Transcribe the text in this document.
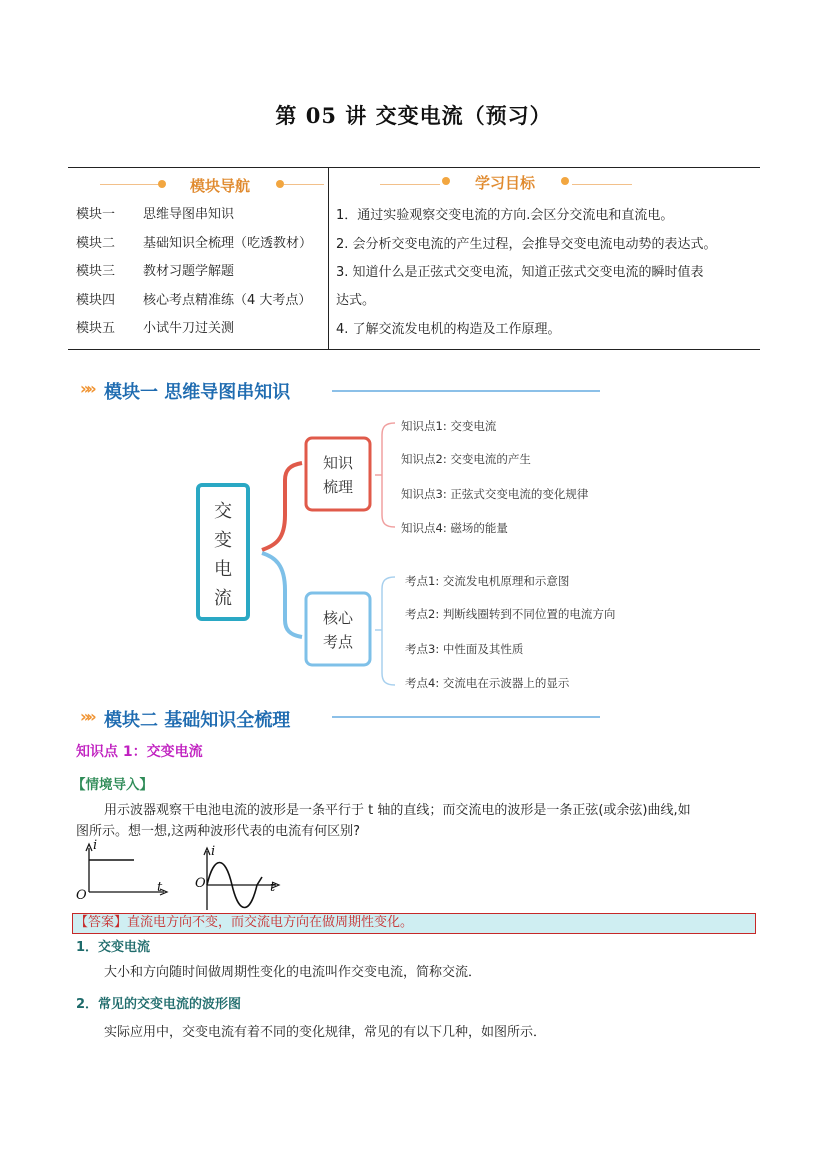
第 05 讲 交变电流（预习）
模块导航
模块一 思维导图串知识
模块二 基础知识全梳理（吃透教材）
模块三 教材习题学解题
模块四 核心考点精准练（4 大考点）
模块五 小试牛刀过关测
学习目标
1．通过实验观察交变电流的方向.会区分交流电和直流电。
2. 会分析交变电流的产生过程，会推导交变电流电动势的表达式。
3. 知道什么是正弦式交变电流，知道正弦式交变电流的瞬时值表
达式。
4. 了解交流发电机的构造及工作原理。
»» 模块一 思维导图串知识
交
变
电
流
知识
梳理
核心
考点
知识点1: 交变电流
知识点2: 交变电流的产生
知识点3: 正弦式交变电流的变化规律
知识点4: 磁场的能量
考点1: 交流发电机原理和示意图
考点2: 判断线圈转到不同位置的电流方向
考点3: 中性面及其性质
考点4: 交流电在示波器上的显示
»» 模块二 基础知识全梳理
知识点 1：交变电流
【情境导入】
用示波器观察干电池电流的波形是一条平行于 t 轴的直线；而交流电的波形是一条正弦(或余弦)曲线,如
图所示。想一想,这两种波形代表的电流有何区别?
i
t
O
i
t
O
【答案】直流电方向不变，而交流电方向在做周期性变化。
1．交变电流
大小和方向随时间做周期性变化的电流叫作交变电流，简称交流．
2．常见的交变电流的波形图
实际应用中，交变电流有着不同的变化规律，常见的有以下几种，如图所示．
